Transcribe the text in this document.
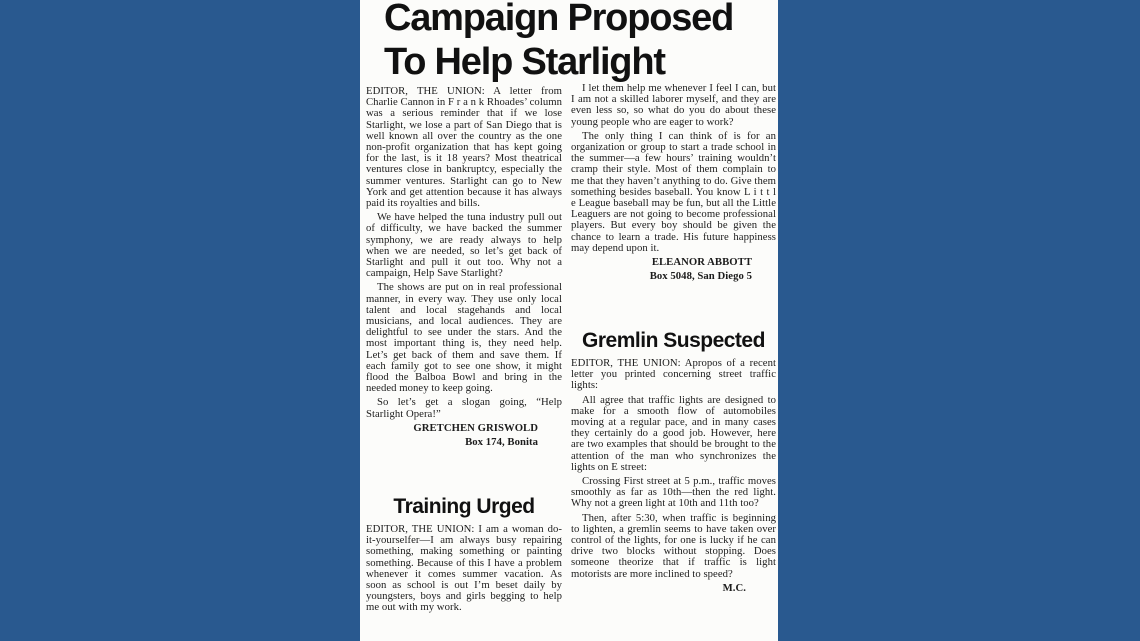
Campaign Proposed
To Help Starlight

EDITOR, THE UNION: A letter from Charlie Cannon in F r a n k Rhoades’ column was a serious reminder that if we lose Starlight, we lose a part of San Diego that is well known all over the country as the one non-profit organization that has kept going for the last, is it 18 years? Most theatrical ventures close in bankruptcy, especially the summer ventures. Starlight can go to New York and get attention because it has always paid its royalties and bills.

We have helped the tuna industry pull out of difficulty, we have backed the summer symphony, we are ready always to help when we are needed, so let’s get back of Starlight and pull it out too. Why not a campaign, Help Save Starlight?

The shows are put on in real professional manner, in every way. They use only local talent and local stagehands and local musicians, and local audiences. They are delightful to see under the stars. And the most important thing is, they need help. Let’s get back of them and save them. If each family got to see one show, it might flood the Balboa Bowl and bring in the needed money to keep going.

So let’s get a slogan going, “Help Starlight Opera!”

GRETCHEN GRISWOLD

Box 174, Bonita

Training Urged

EDITOR, THE UNION: I am a woman do-it-yourselfer—I am always busy repairing something, making something or painting something. Because of this I have a problem whenever it comes summer vacation. As soon as school is out I’m beset daily by youngsters, boys and girls begging to help me out with my work.

I let them help me whenever I feel I can, but I am not a skilled laborer myself, and they are even less so, so what do you do about these young people who are eager to work?

The only thing I can think of is for an organization or group to start a trade school in the summer—a few hours’ training wouldn’t cramp their style. Most of them complain to me that they haven’t anything to do. Give them something besides baseball. You know L i t t l e League baseball may be fun, but all the Little Leaguers are not going to become professional players. But every boy should be given the chance to learn a trade. His future happiness may depend upon it.

ELEANOR ABBOTT

Box 5048, San Diego 5

Gremlin Suspected

EDITOR, THE UNION: Apropos of a recent letter you printed concerning street traffic lights:

All agree that traffic lights are designed to make for a smooth flow of automobiles moving at a regular pace, and in many cases they certainly do a good job. However, here are two examples that should be brought to the attention of the man who synchronizes the lights on E street:

Crossing First street at 5 p.m., traffic moves smoothly as far as 10th—then the red light. Why not a green light at 10th and 11th too?

Then, after 5:30, when traffic is beginning to lighten, a gremlin seems to have taken over control of the lights, for one is lucky if he can drive two blocks without stopping. Does someone theorize that if traffic is light motorists are more inclined to speed?

M.C.
